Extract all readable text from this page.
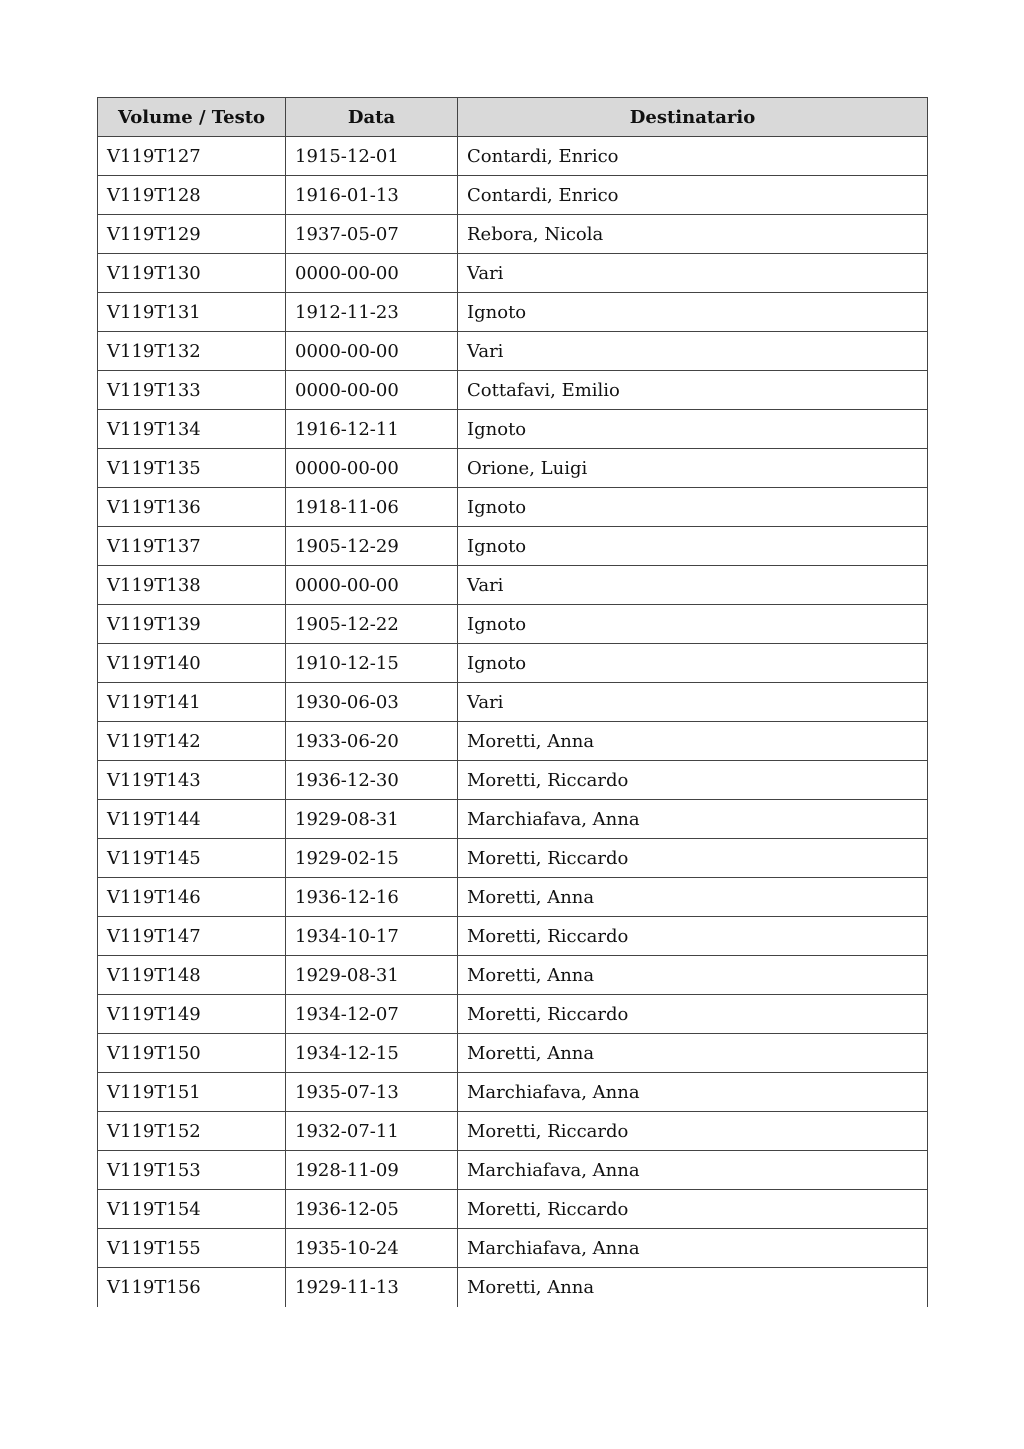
Volume / Testo	Data	Destinatario
V119T127	1915-12-01	Contardi, Enrico
V119T128	1916-01-13	Contardi, Enrico
V119T129	1937-05-07	Rebora, Nicola
V119T130	0000-00-00	Vari
V119T131	1912-11-23	Ignoto
V119T132	0000-00-00	Vari
V119T133	0000-00-00	Cottafavi, Emilio
V119T134	1916-12-11	Ignoto
V119T135	0000-00-00	Orione, Luigi
V119T136	1918-11-06	Ignoto
V119T137	1905-12-29	Ignoto
V119T138	0000-00-00	Vari
V119T139	1905-12-22	Ignoto
V119T140	1910-12-15	Ignoto
V119T141	1930-06-03	Vari
V119T142	1933-06-20	Moretti, Anna
V119T143	1936-12-30	Moretti, Riccardo
V119T144	1929-08-31	Marchiafava, Anna
V119T145	1929-02-15	Moretti, Riccardo
V119T146	1936-12-16	Moretti, Anna
V119T147	1934-10-17	Moretti, Riccardo
V119T148	1929-08-31	Moretti, Anna
V119T149	1934-12-07	Moretti, Riccardo
V119T150	1934-12-15	Moretti, Anna
V119T151	1935-07-13	Marchiafava, Anna
V119T152	1932-07-11	Moretti, Riccardo
V119T153	1928-11-09	Marchiafava, Anna
V119T154	1936-12-05	Moretti, Riccardo
V119T155	1935-10-24	Marchiafava, Anna
V119T156	1929-11-13	Moretti, Anna
